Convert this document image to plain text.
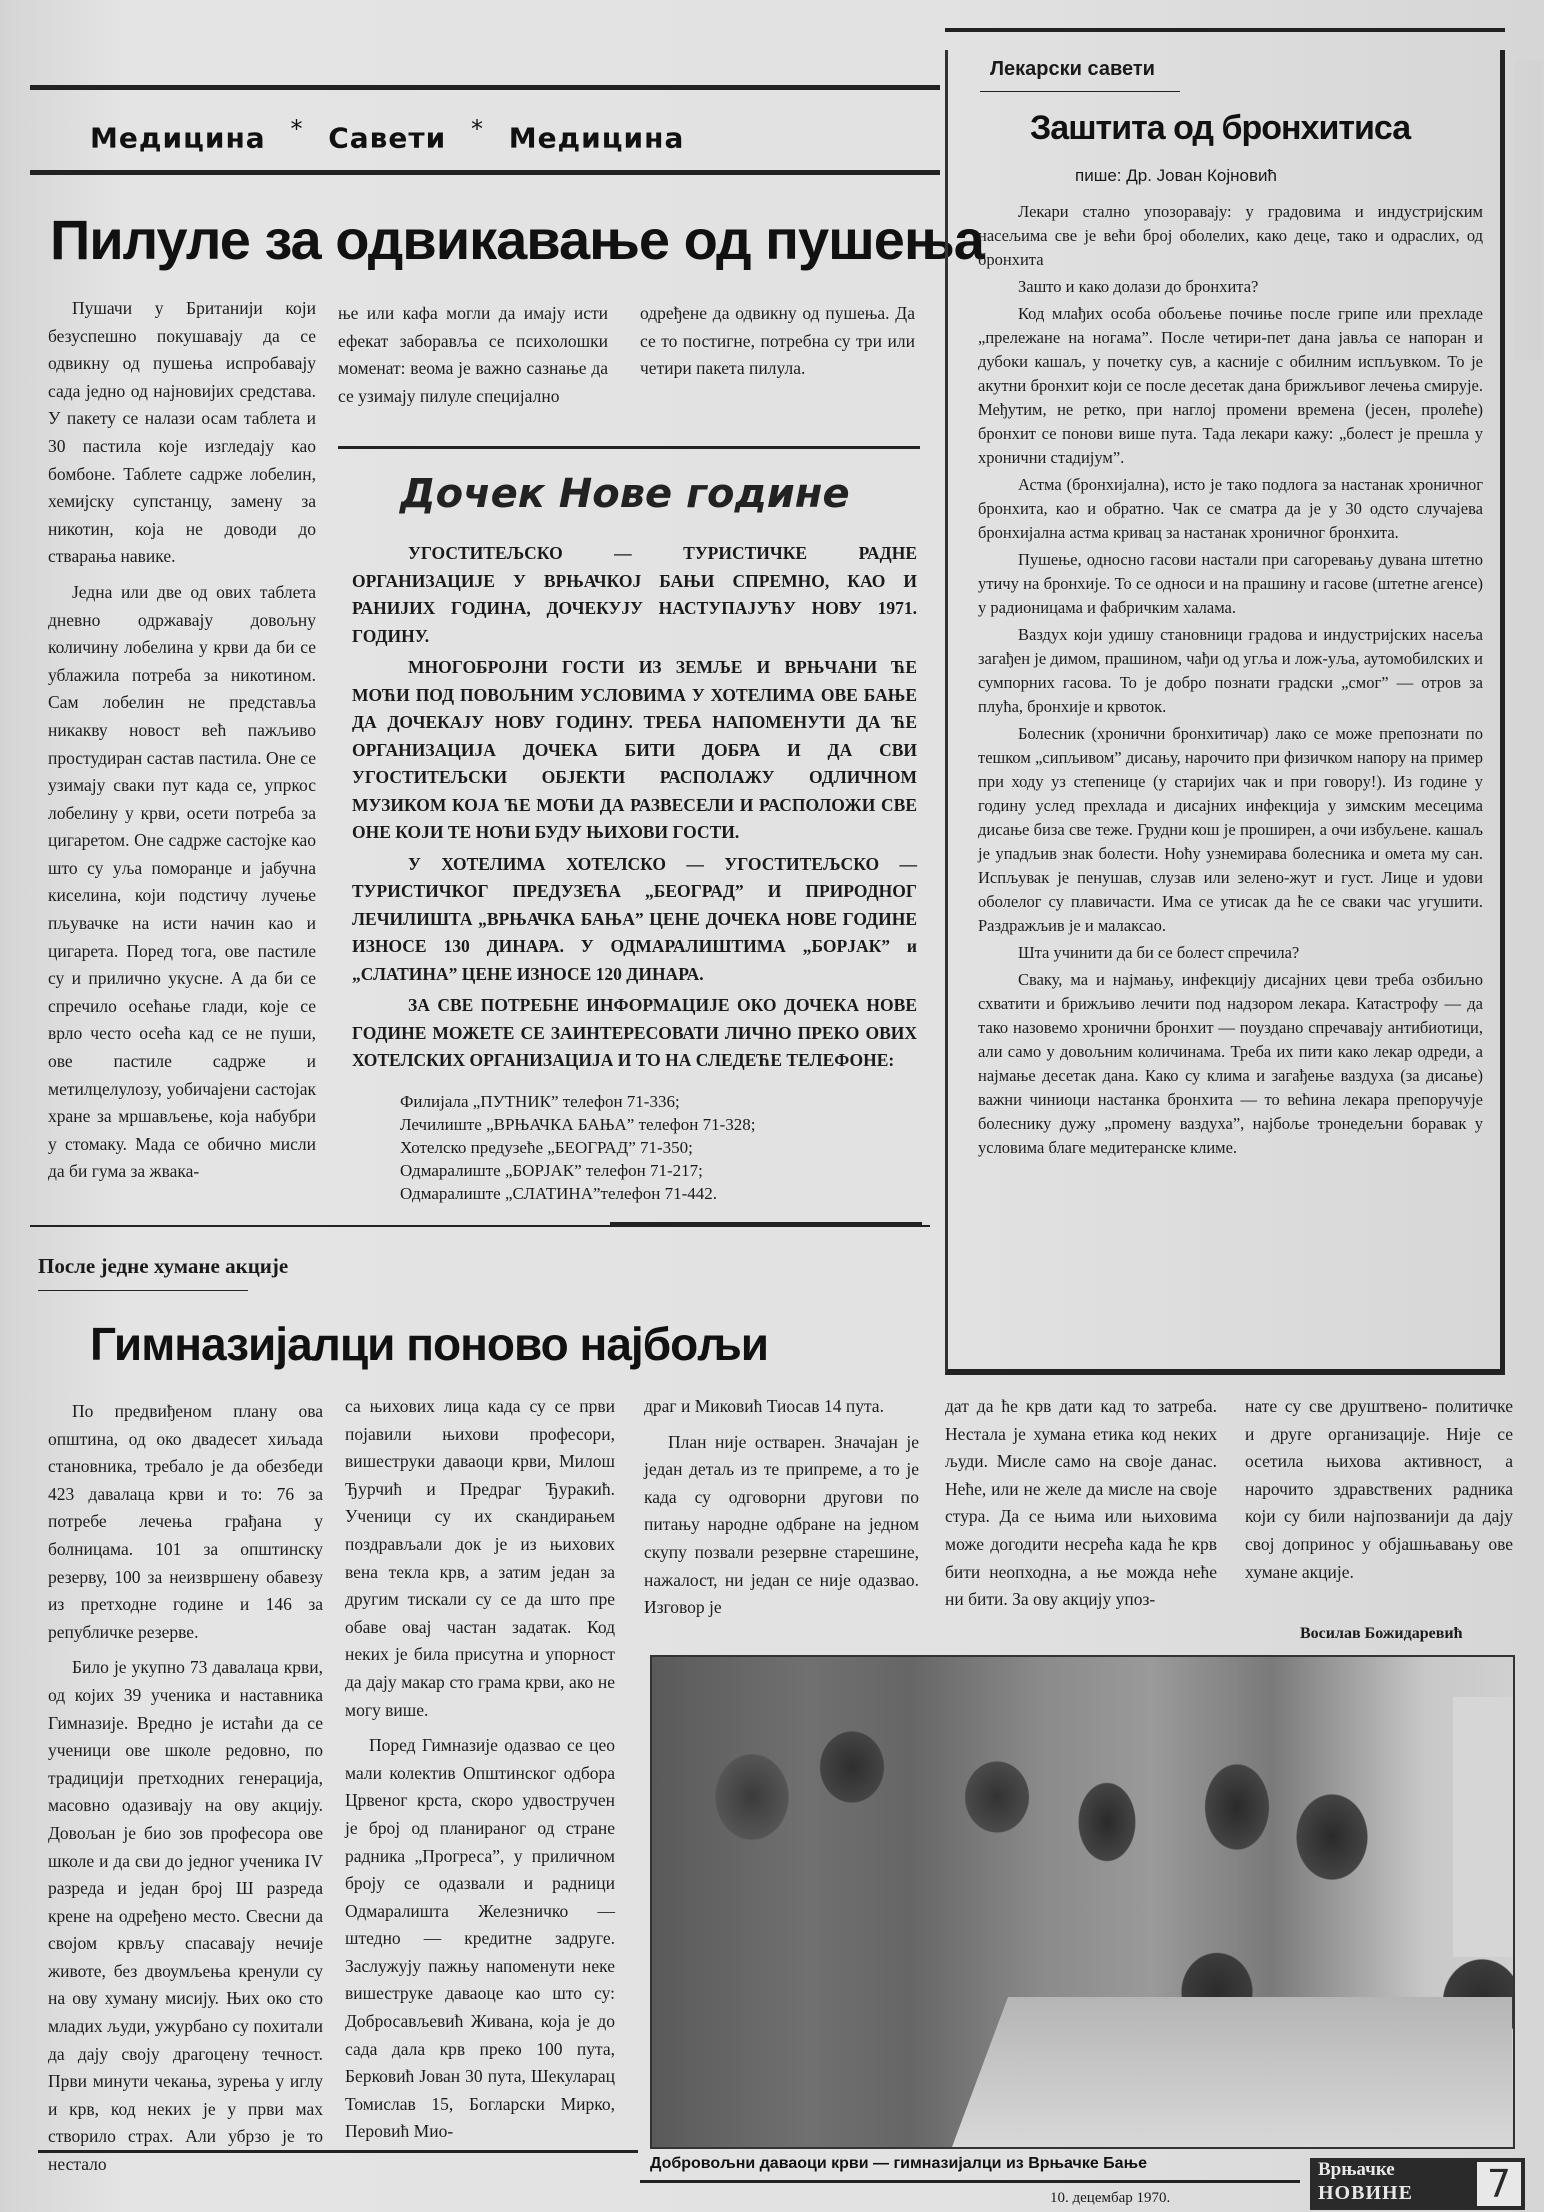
Медицина * Савети * Медицина
Пилуле за одвикавање од пушења

Пушачи у Британији који безуспешно покушавају да се одвикну од пушења испробавају сада једно од најновијих средстава. У пакету се налази осам таблета и 30 пастила које изгледају као бомбоне. Таблете садрже лобелин, хемијску супстанцу, замену за никотин, која не доводи до стварања навике.

Једна или две од ових таблета дневно одржавају довољну количину лобелина у крви да би се ублажила потреба за никотином. Сам лобелин не представља никакву новост већ пажљиво простудиран састав пастила. Оне се узимају сваки пут када се, упркос лобелину у крви, осети потреба за цигаретом. Оне садрже састојке као што су уља поморанџе и јабучна киселина, који подстичу лучење пљувачке на исти начин као и цигарета. Поред тога, ове пастиле су и прилично укусне. А да би се спречило осећање глади, које се врло често осећа кад се не пуши, ове пастиле садрже и метилцелулозу, уобичајени састојак хране за мршављење, која набубри у стомаку. Мада се обично мисли да би гума за жвака-

ње или кафа могли да имају исти ефекат заборавља се психолошки моменат: веома је важно сазнање да се узимају пилуле специјално

одређене да одвикну од пушења. Да се то постигне, потребна су три или четири пакета пилула.

Дочек Нове године

УГОСТИТЕЉСКО — ТУРИСТИЧКЕ РАДНЕ ОРГАНИЗАЦИЈЕ У ВРЊАЧКОЈ БАЊИ СПРЕМНО, КАО И РАНИЈИХ ГОДИНА, ДОЧЕКУЈУ НАСТУПАЈУЋУ НОВУ 1971. ГОДИНУ.

МНОГОБРОЈНИ ГОСТИ ИЗ ЗЕМЉЕ И ВРЊЧАНИ ЋЕ МОЋИ ПОД ПОВОЉНИМ УСЛОВИМА У ХОТЕЛИМА ОВЕ БАЊЕ ДА ДОЧЕКАЈУ НОВУ ГОДИНУ. ТРЕБА НАПОМЕНУТИ ДА ЋЕ ОРГАНИЗАЦИЈА ДОЧЕКА БИТИ ДОБРА И ДА СВИ УГОСТИТЕЉСКИ ОБЈЕКТИ РАСПОЛАЖУ ОДЛИЧНОМ МУЗИКОМ КОЈА ЋЕ МОЋИ ДА РАЗВЕСЕЛИ И РАСПОЛОЖИ СВЕ ОНЕ КОЈИ ТЕ НОЋИ БУДУ ЊИХОВИ ГОСТИ.

У ХОТЕЛИМА ХОТЕЛСКО — УГОСТИТЕЉСКО — ТУРИСТИЧКОГ ПРЕДУЗЕЋА „БЕОГРАД” И ПРИРОДНОГ ЛЕЧИЛИШТА „ВРЊАЧКА БАЊА” ЦЕНЕ ДОЧЕКА НОВЕ ГОДИНЕ ИЗНОСЕ 130 ДИНАРА. У ОДМАРАЛИШТИМА „БОРЈАК” и „СЛАТИНА” ЦЕНЕ ИЗНОСЕ 120 ДИНАРА.

ЗА СВЕ ПОТРЕБНЕ ИНФОРМАЦИЈЕ ОКО ДОЧЕКА НОВЕ ГОДИНЕ МОЖЕТЕ СЕ ЗАИНТЕРЕСОВАТИ ЛИЧНО ПРЕКО ОВИХ ХОТЕЛСКИХ ОРГАНИЗАЦИЈА И ТО НА СЛЕДЕЋЕ ТЕЛЕФОНЕ:

Филијала „ПУТНИК” телефон 71-336;
Лечилиште „ВРЊАЧКА БАЊА” телефон 71-328;
Хотелско предузеће „БЕОГРАД” 71-350;
Одмаралиште „БОРЈАК” телефон 71-217;
Одмаралиште „СЛАТИНА”телефон 71-442.
Лекарски савети
Заштита од бронхитиса
пише: Др. Јован Којновић

Лекари стално упозоравају: у градовима и индустријским насељима све је већи број оболелих, како деце, тако и одраслих, од бронхита

Зашто и како долази до бронхита?

Код млађих особа обољење почиње после грипе или прехладе „прележане на ногама”. После четири-пет дана јавља се напоран и дубоки кашаљ, у почетку сув, а касније с обилним испљувком. То је акутни бронхит који се после десетак дана брижљивог лечења смирује. Међутим, не ретко, при наглој промени времена (јесен, пролеће) бронхит се понови више пута. Тада лекари кажу: „болест је прешла у хронични стадијум”.

Астма (бронхијална), исто је тако подлога за настанак хроничног бронхита, као и обратно. Чак се сматра да је у 30 одсто случајева бронхијална астма кривац за настанак хроничног бронхита.

Пушење, односно гасови настали при сагоревању дувана штетно утичу на бронхије. То се односи и на прашину и гасове (штетне агенсе) у радионицама и фабричким халама.

Ваздух који удишу становници градова и индустријских насеља загађен је димом, прашином, чађи од угља и лож-уља, аутомобилских и сумпорних гасова. То је добро познати градски „смог” — отров за плућа, бронхије и крвоток.

Болесник (хронични бронхитичар) лако се може препознати по тешком „сипљивом” дисању, нарочито при физичком напору на пример при ходу уз степенице (у старијих чак и при говору!). Из године у годину услед прехлада и дисајних инфекција у зимским месецима дисање биза све теже. Грудни кош је проширен, а очи избуљене. кашаљ је упадљив знак болести. Ноћу узнемирава болесника и омета му сан. Испљувак је пенушав, слузав или зелено-жут и густ. Лице и удови оболелог су плавичасти. Има се утисак да ће се сваки час угушити. Раздражљив је и малаксао.

Шта учинити да би се болест спречила?

Сваку, ма и најмању, инфекцију дисајних цеви треба озбиљно схватити и брижљиво лечити под надзором лекара. Катастрофу — да тако назовемо хронични бронхит — поуздано спречавају антибиотици, али само у довољним количинама. Треба их пити како лекар одреди, а најмање десетак дана. Како су клима и загађење ваздуха (за дисање) важни чиниоци настанка бронхита — то већина лекара препоручује болеснику дужу „промену ваздуха”, најбоље тронедељни боравак у условима благе медитеранске климе.

После једне хумане акције
Гимназијалци поново најбољи

По предвиђеном плану ова општина, од око двадесет хиљада становника, требало је да обезбеди 423 давалаца крви и то: 76 за потребе лечења грађана у болницама. 101 за општинску резерву, 100 за неизвршену обавезу из претходне године и 146 за републичке резерве.

Било је укупно 73 давалаца крви, од којих 39 ученика и наставника Гимназије. Вредно је истаћи да се ученици ове школе редовно, по традицији претходних генерација, масовно одазивају на ову акцију. Довољан је био зов професора ове школе и да сви до једног ученика IV разреда и један број Ш разреда крене на одређено место. Свесни да својом крвљу спасавају нечије животе, без двоумљења кренули су на ову хуману мисију. Њих око сто младих људи, ужурбано су похитали да дају своју драгоцену течност. Први минути чекања, зурења у иглу и крв, код неких је у први мах створило страх. Али убрзо је то нестало

са њихових лица када су се први појавили њихови професори, вишеструки даваоци крви, Милош Ђурчић и Предраг Ђуракић. Ученици су их скандирањем поздрављали док је из њихових вена текла крв, а затим један за другим тискали су се да што пре обаве овај частан задатак. Код неких је била присутна и упорност да дају макар сто грама крви, ако не могу више.

Поред Гимназије одазвао се цео мали колектив Општинског одбора Црвеног крста, скоро удвостручен је број од планираног од стране радника „Прогреса”, у приличном броју се одазвали и радници Одмаралишта Железничко — штедно — кредитне задруге. Заслужују пажњу напоменути неке вишеструке даваоце као што су: Добросављевић Живана, која је до сада дала крв преко 100 пута, Берковић Јован 30 пута, Шекуларац Томислав 15, Богларски Мирко, Перовић Мио-

драг и Миковић Тиосав 14 пута.

План није остварен. Значајан је један детаљ из те припреме, а то је када су одговорни другови по питању народне одбране на једном скупу позвали резервне старешине, нажалост, ни један се није одазвао. Изговор је

дат да ће крв дати кад то затреба. Нестала је хумана етика код неких људи. Мисле само на своје данас. Неће, или не желе да мисле на своје стура. Да се њима или њиховима може догодити несрећа када ће крв бити неопходна, а ње можда неће ни бити. За ову акцију упоз-

нате су све друштвено- политичке и друге организације. Није се осетила њихова активност, а нарочито здравствених радника који су били најпозванији да дају свој допринос у објашњавању ове хумане акције.

Восилав Божидаревић
Добровољни даваоци крви — гимназијалци из Врњачке Бање
10. децембар 1970.
Врњачке
НОВИНЕ 7
